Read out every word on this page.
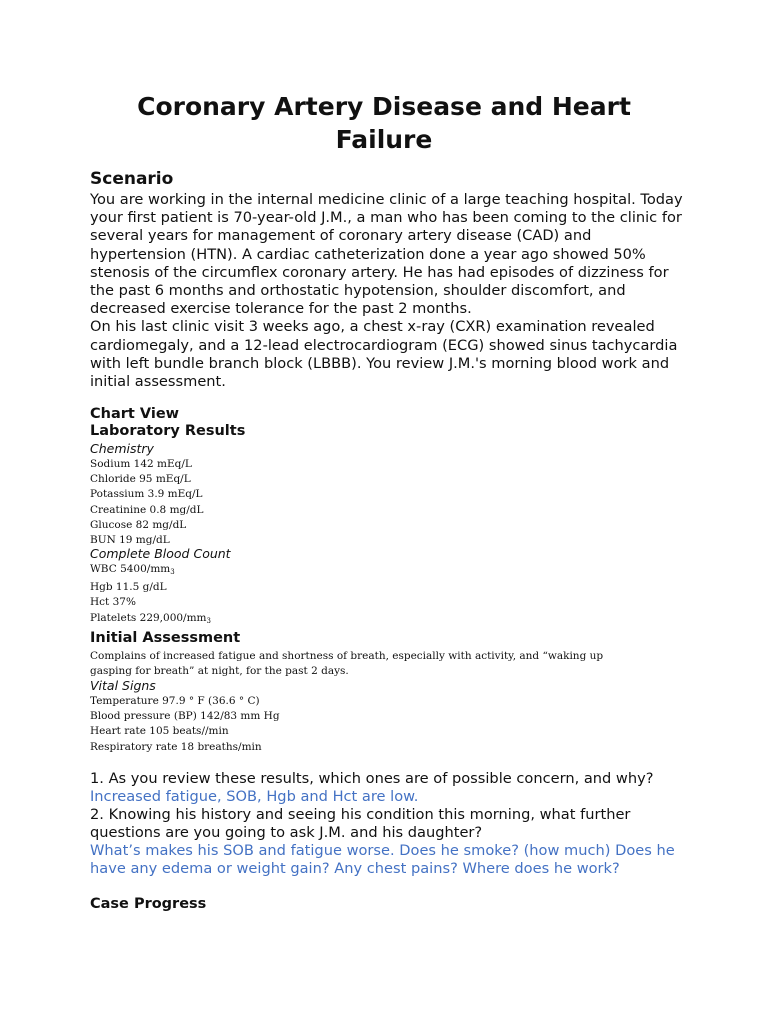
Coronary Artery Disease and Heart Failure
Scenario

You are working in the internal medicine clinic of a large teaching hospital. Today your first patient is 70-year-old J.M., a man who has been coming to the clinic for several years for management of coronary artery disease (CAD) and hypertension (HTN). A cardiac catheterization done a year ago showed 50% stenosis of the circumflex coronary artery. He has had episodes of dizziness for the past 6 months and orthostatic hypotension, shoulder discomfort, and decreased exercise tolerance for the past 2 months.

On his last clinic visit 3 weeks ago, a chest x-ray (CXR) examination revealed cardiomegaly, and a 12-lead electrocardiogram (ECG) showed sinus tachycardia with left bundle branch block (LBBB). You review J.M.'s morning blood work and initial assessment.

Chart View
Laboratory Results
Chemistry
Sodium 142 mEq/L
Chloride 95 mEq/L
Potassium 3.9 mEq/L
Creatinine 0.8 mg/dL
Glucose 82 mg/dL
BUN 19 mg/dL
Complete Blood Count
WBC 5400/mm3
Hgb 11.5 g/dL
Hct 37%
Platelets 229,000/mm3
Initial Assessment
Complains of increased fatigue and shortness of breath, especially with activity, and “waking up
gasping for breath” at night, for the past 2 days.
Vital Signs
Temperature 97.9 ° F (36.6 ° C)
Blood pressure (BP) 142/83 mm Hg
Heart rate 105 beats//min
Respiratory rate 18 breaths/min
1. As you review these results, which ones are of possible concern, and why?
Increased fatigue, SOB, Hgb and Hct are low.
2. Knowing his history and seeing his condition this morning, what further questions are you going to ask J.M. and his daughter?
What’s makes his SOB and fatigue worse. Does he smoke? (how much) Does he have any edema or weight gain? Any chest pains? Where does he work?
Case Progress
